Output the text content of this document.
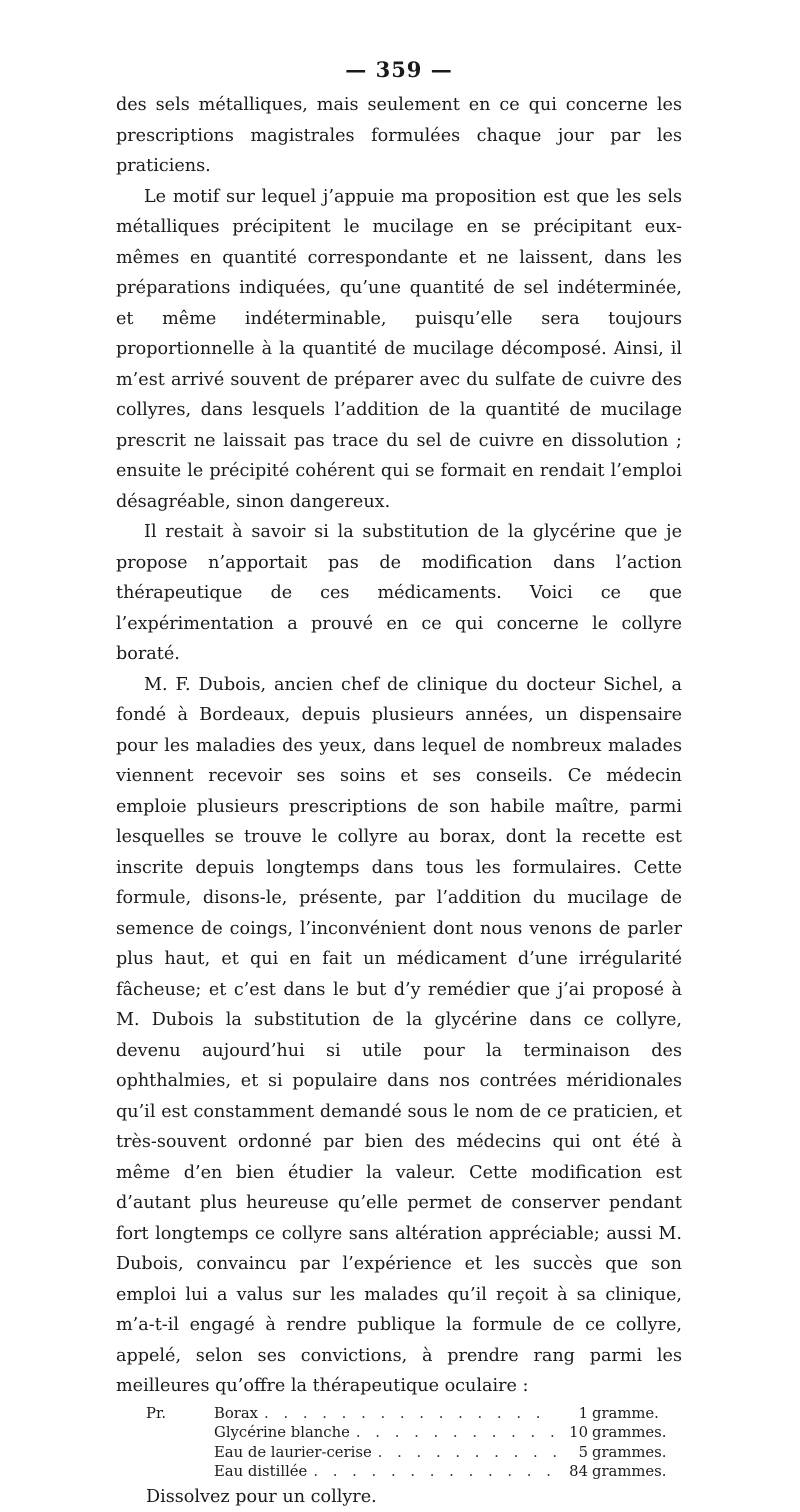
— 359 —

des sels métalliques, mais seulement en ce qui concerne les prescriptions magistrales formulées chaque jour par les praticiens.

Le motif sur lequel j’appuie ma proposition est que les sels métalliques précipitent le mucilage en se précipitant eux-mêmes en quantité correspondante et ne laissent, dans les préparations indiquées, qu’une quantité de sel indéterminée, et même indéterminable, puisqu’elle sera toujours proportionnelle à la quantité de mucilage décomposé. Ainsi, il m’est arrivé souvent de préparer avec du sulfate de cuivre des collyres, dans lesquels l’addition de la quantité de mucilage prescrit ne laissait pas trace du sel de cuivre en dissolution ; ensuite le précipité cohérent qui se formait en rendait l’emploi désagréable, sinon dangereux.

Il restait à savoir si la substitution de la glycérine que je propose n’apportait pas de modification dans l’action thérapeutique de ces médicaments. Voici ce que l’expérimentation a prouvé en ce qui concerne le collyre boraté.

M. F. Dubois, ancien chef de clinique du docteur Sichel, a fondé à Bordeaux, depuis plusieurs années, un dispensaire pour les maladies des yeux, dans lequel de nombreux malades viennent recevoir ses soins et ses conseils. Ce médecin emploie plusieurs prescriptions de son habile maître, parmi lesquelles se trouve le collyre au borax, dont la recette est inscrite depuis longtemps dans tous les formulaires. Cette formule, disons-le, présente, par l’addition du mucilage de semence de coings, l’inconvénient dont nous venons de parler plus haut, et qui en fait un médicament d’une irrégularité fâcheuse; et c’est dans le but d’y remédier que j’ai proposé à M. Dubois la substitution de la glycérine dans ce collyre, devenu aujourd’hui si utile pour la terminaison des ophthalmies, et si populaire dans nos contrées méridionales qu’il est constamment demandé sous le nom de ce praticien, et très-souvent ordonné par bien des médecins qui ont été à même d’en bien étudier la valeur. Cette modification est d’autant plus heureuse qu’elle permet de conserver pendant fort longtemps ce collyre sans altération appréciable; aussi M. Dubois, convaincu par l’expérience et les succès que son emploi lui a valus sur les malades qu’il reçoit à sa clinique, m’a-t-il engagé à rendre publique la formule de ce collyre, appelé, selon ses convictions, à prendre rang parmi les meilleures qu’offre la thérapeutique oculaire :

Pr.	Borax . . .	1 gramme.
Glycérine blanche . . .	10 grammes.
Eau de laurier-cerise . . .	5 grammes.
Eau distillée . . .	84 grammes.

Dissolvez pour un collyre.
